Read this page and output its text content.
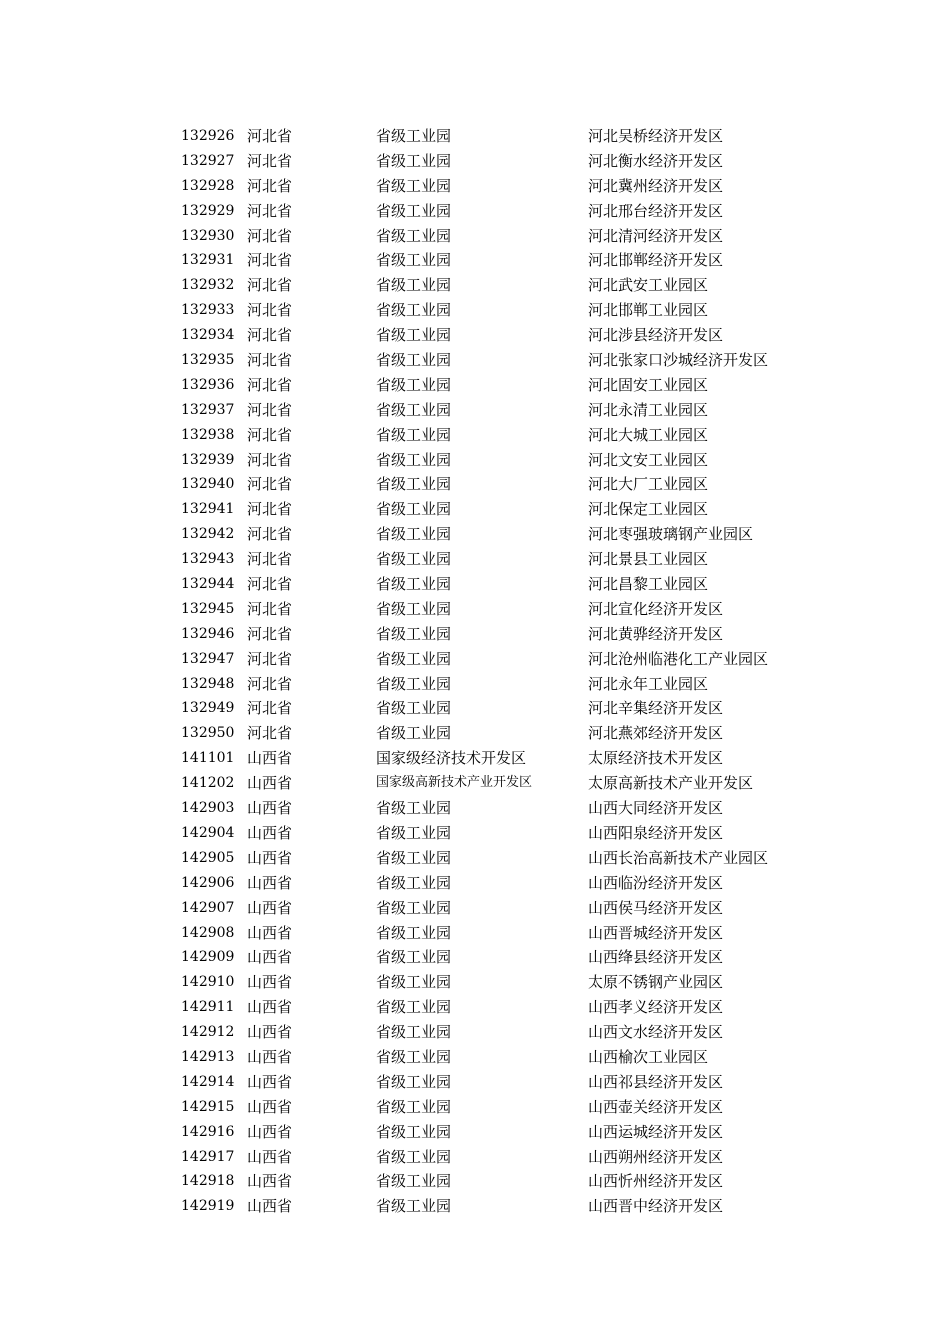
132926 河北省	省级工业园	河北吴桥经济开发区
132927 河北省	省级工业园	河北衡水经济开发区
132928 河北省	省级工业园	河北冀州经济开发区
132929 河北省	省级工业园	河北邢台经济开发区
132930 河北省	省级工业园	河北清河经济开发区
132931 河北省	省级工业园	河北邯郸经济开发区
132932 河北省	省级工业园	河北武安工业园区
132933 河北省	省级工业园	河北邯郸工业园区
132934 河北省	省级工业园	河北涉县经济开发区
132935 河北省	省级工业园	河北张家口沙城经济开发区
132936 河北省	省级工业园	河北固安工业园区
132937 河北省	省级工业园	河北永清工业园区
132938 河北省	省级工业园	河北大城工业园区
132939 河北省	省级工业园	河北文安工业园区
132940 河北省	省级工业园	河北大厂工业园区
132941 河北省	省级工业园	河北保定工业园区
132942 河北省	省级工业园	河北枣强玻璃钢产业园区
132943 河北省	省级工业园	河北景县工业园区
132944 河北省	省级工业园	河北昌黎工业园区
132945 河北省	省级工业园	河北宣化经济开发区
132946 河北省	省级工业园	河北黄骅经济开发区
132947 河北省	省级工业园	河北沧州临港化工产业园区
132948 河北省	省级工业园	河北永年工业园区
132949 河北省	省级工业园	河北辛集经济开发区
132950 河北省	省级工业园	河北燕郊经济开发区
141101 山西省	国家级经济技术开发区	太原经济技术开发区
141202 山西省	国家级高新技术产业开发区	太原高新技术产业开发区
142903 山西省	省级工业园	山西大同经济开发区
142904 山西省	省级工业园	山西阳泉经济开发区
142905 山西省	省级工业园	山西长治高新技术产业园区
142906 山西省	省级工业园	山西临汾经济开发区
142907 山西省	省级工业园	山西侯马经济开发区
142908 山西省	省级工业园	山西晋城经济开发区
142909 山西省	省级工业园	山西绛县经济开发区
142910 山西省	省级工业园	太原不锈钢产业园区
142911 山西省	省级工业园	山西孝义经济开发区
142912 山西省	省级工业园	山西文水经济开发区
142913 山西省	省级工业园	山西榆次工业园区
142914 山西省	省级工业园	山西祁县经济开发区
142915 山西省	省级工业园	山西壶关经济开发区
142916 山西省	省级工业园	山西运城经济开发区
142917 山西省	省级工业园	山西朔州经济开发区
142918 山西省	省级工业园	山西忻州经济开发区
142919 山西省	省级工业园	山西晋中经济开发区
